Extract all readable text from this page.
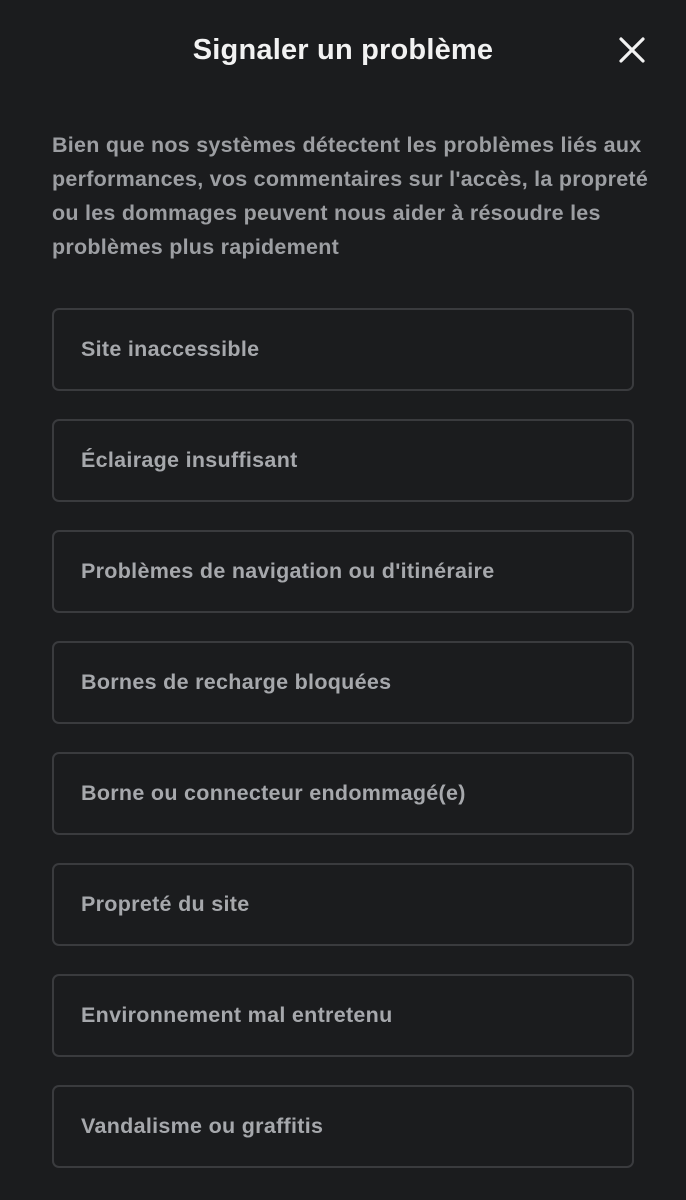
Signaler un problème

Bien que nos systèmes détectent les problèmes liés aux performances, vos commentaires sur l'accès, la propreté ou les dommages peuvent nous aider à résoudre les problèmes plus rapidement

Site inaccessible
Éclairage insuffisant
Problèmes de navigation ou d'itinéraire
Bornes de recharge bloquées
Borne ou connecteur endommagé(e)
Propreté du site
Environnement mal entretenu
Vandalisme ou graffitis
